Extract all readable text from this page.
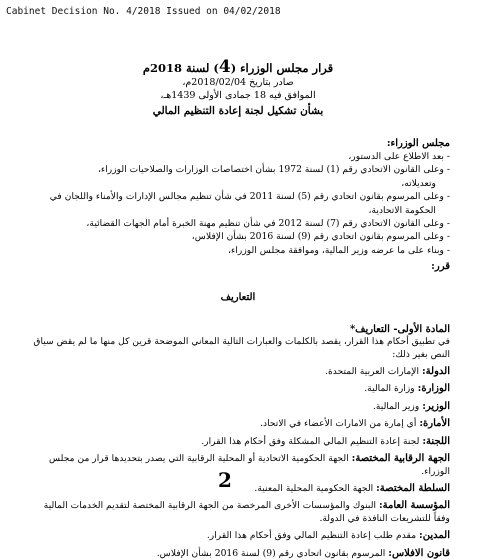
Cabinet Decision No. 4/2018 Issued on 04/02/2018
قرار مجلس الوزراء (4) لسنة 2018م
صادر بتاريخ 2018/02/04م،
الموافق فيه 18 جمادى الأولى 1439هـ،
بشأن تشكيل لجنة إعادة التنظيم المالي
مجلس الوزراء:
- بعد الاطلاع على الدستور،
- وعلى القانون الاتحادي رقم (1) لسنة 1972 بشأن اختصاصات الوزارات والصلاحيات الوزراء،
وتعديلاته،
- وعلى المرسوم بقانون اتحادي رقم (5) لسنة 2011 في شأن تنظيم مجالس الإدارات والأمناء واللجان في
الحكومة الاتحادية،
- وعلى القانون الاتحادي رقم (7) لسنة 2012 في شأن تنظيم مهنة الخبرة أمام الجهات القضائية،
- وعلى المرسوم بقانون اتحادي رقم (9) لسنة 2016 بشأن الإفلاس،
- وبناء على ما عرضه وزير المالية، وموافقة مجلس الوزراء،
قرر:
التعاريف
المادة الأولى- التعاريف*
في تطبيق أحكام هذا القرار، يقصد بالكلمات والعبارات التالية المعاني الموضحة قرين كل منها ما لم يقض سياق النص بغير ذلك:
الدولة: الإمارات العربية المتحدة.
الوزارة: وزارة المالية.
الوزير: وزير المالية.
الأمارة: أي إمارة من الامارات الأعضاء في الاتحاد.
اللجنة: لجنة إعادة التنظيم المالي المشكلة وفق أحكام هذا القرار.
الجهة الرقابية المختصة: الجهة الحكومية الاتحادية أو المحلية الرقابية التي يصدر بتحديدها قرار من مجلس الوزراء.
السلطة المختصة: الجهة الحكومية المحلية المعنية.
المؤسسة العامة: البنوك والمؤسسات الأخرى المرخصة من الجهة الرقابية المختصة لتقديم الخدمات المالية وفقاً للتشريعات النافذة في الدولة.
المدين: مقدم طلب إعادة التنظيم المالي وفق أحكام هذا القرار.
قانون الافلاس: المرسوم بقانون اتحادي رقم (9) لسنة 2016 بشأن الإفلاس.
2
